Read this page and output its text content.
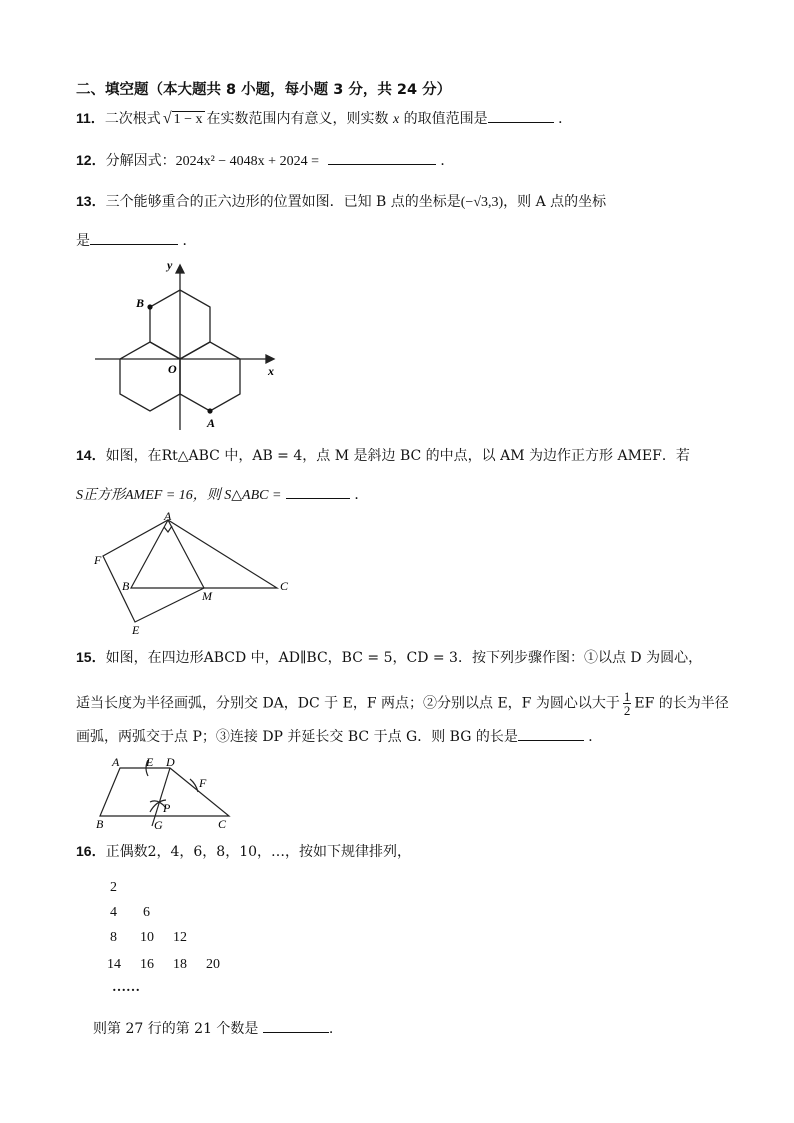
二、填空题（本大题共 8 小题，每小题 3 分，共 24 分）
11．二次根式 √ 1 − x 在实数范围内有意义，则实数 x 的取值范围是	．
12．分解因式：2024x² − 4048x + 2024 =	．
13．三个能够重合的正六边形的位置如图．已知 B 点的坐标是(−√3,3)，则 A 点的坐标
是	．
y
x
O
B
A
14．如图，在Rt△ABC 中，AB = 4，点 M 是斜边 BC 的中点，以 AM 为边作正方形 AMEF．若
S正方形AMEF = 16，则 S△ABC =	．
A
F
B
M
C
E
15．如图，在四边形ABCD 中，AD∥BC，BC = 5，CD = 3．按下列步骤作图：①以点 D 为圆心，
适当长度为半径画弧，分别交 DA，DC 于 E，F 两点；②分别以点 E，F 为圆心以大于 $\frac{1}{2}$ EF 的长为半径
画弧，两弧交于点 P；③连接 DP 并延长交 BC 于点 G．则 BG 的长是	．
A E D
F
P
B	G	C
16．正偶数2，4，6，8，10，…，按如下规律排列，
2
4 6
8 10 12
14 16 18 20
……
则第 27 行的第 21 个数是	.
